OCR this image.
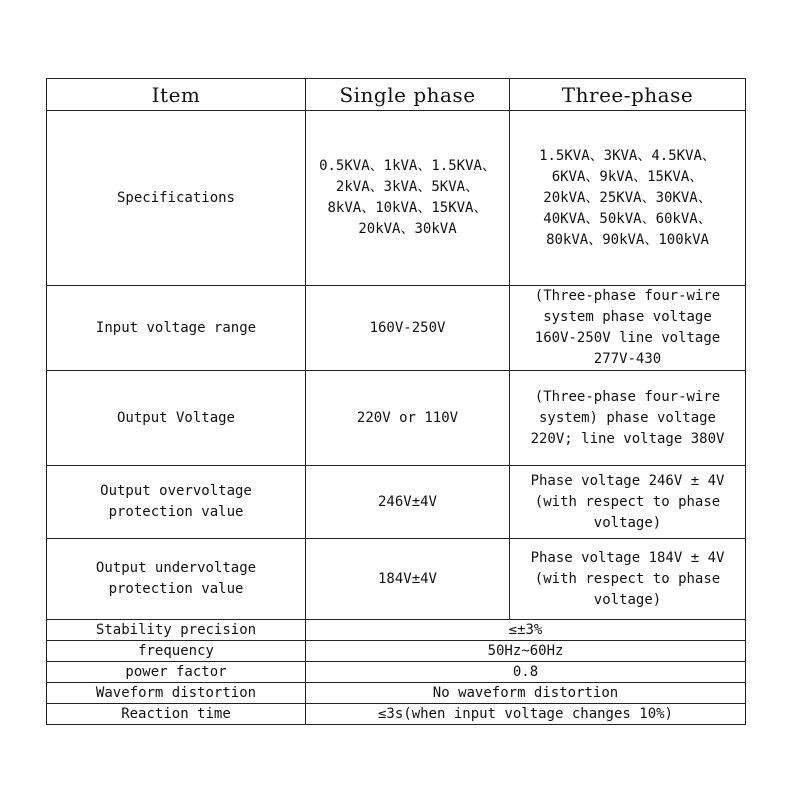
Item	Single phase	Three-phase

Specifications	0.5KVA、1kVA、1.5KVA、
2kVA、3kVA、5KVA、
8kVA、10kVA、15KVA、
20kVA、30kVA	1.5KVA、3KVA、4.5KVA、
6KVA、9kVA、15KVA、
20kVA、25KVA、30KVA、
40KVA、50kVA、60kVA、
80kVA、90kVA、100kVA

Input voltage range	160V-250V	(Three-phase four-wire
system phase voltage
160V-250V line voltage
277V-430

Output Voltage	220V or 110V	(Three-phase four-wire
system) phase voltage
220V; line voltage 380V

Output overvoltage
protection value	246V±4V	Phase voltage 246V ± 4V
(with respect to phase
voltage)

Output undervoltage
protection value	184V±4V	Phase voltage 184V ± 4V
(with respect to phase
voltage)

Stability precision	≤±3%	
frequency	50Hz~60Hz	
power factor	0.8	
Waveform distortion	No waveform distortion	
Reaction time	≤3s(when input voltage changes 10%)	
